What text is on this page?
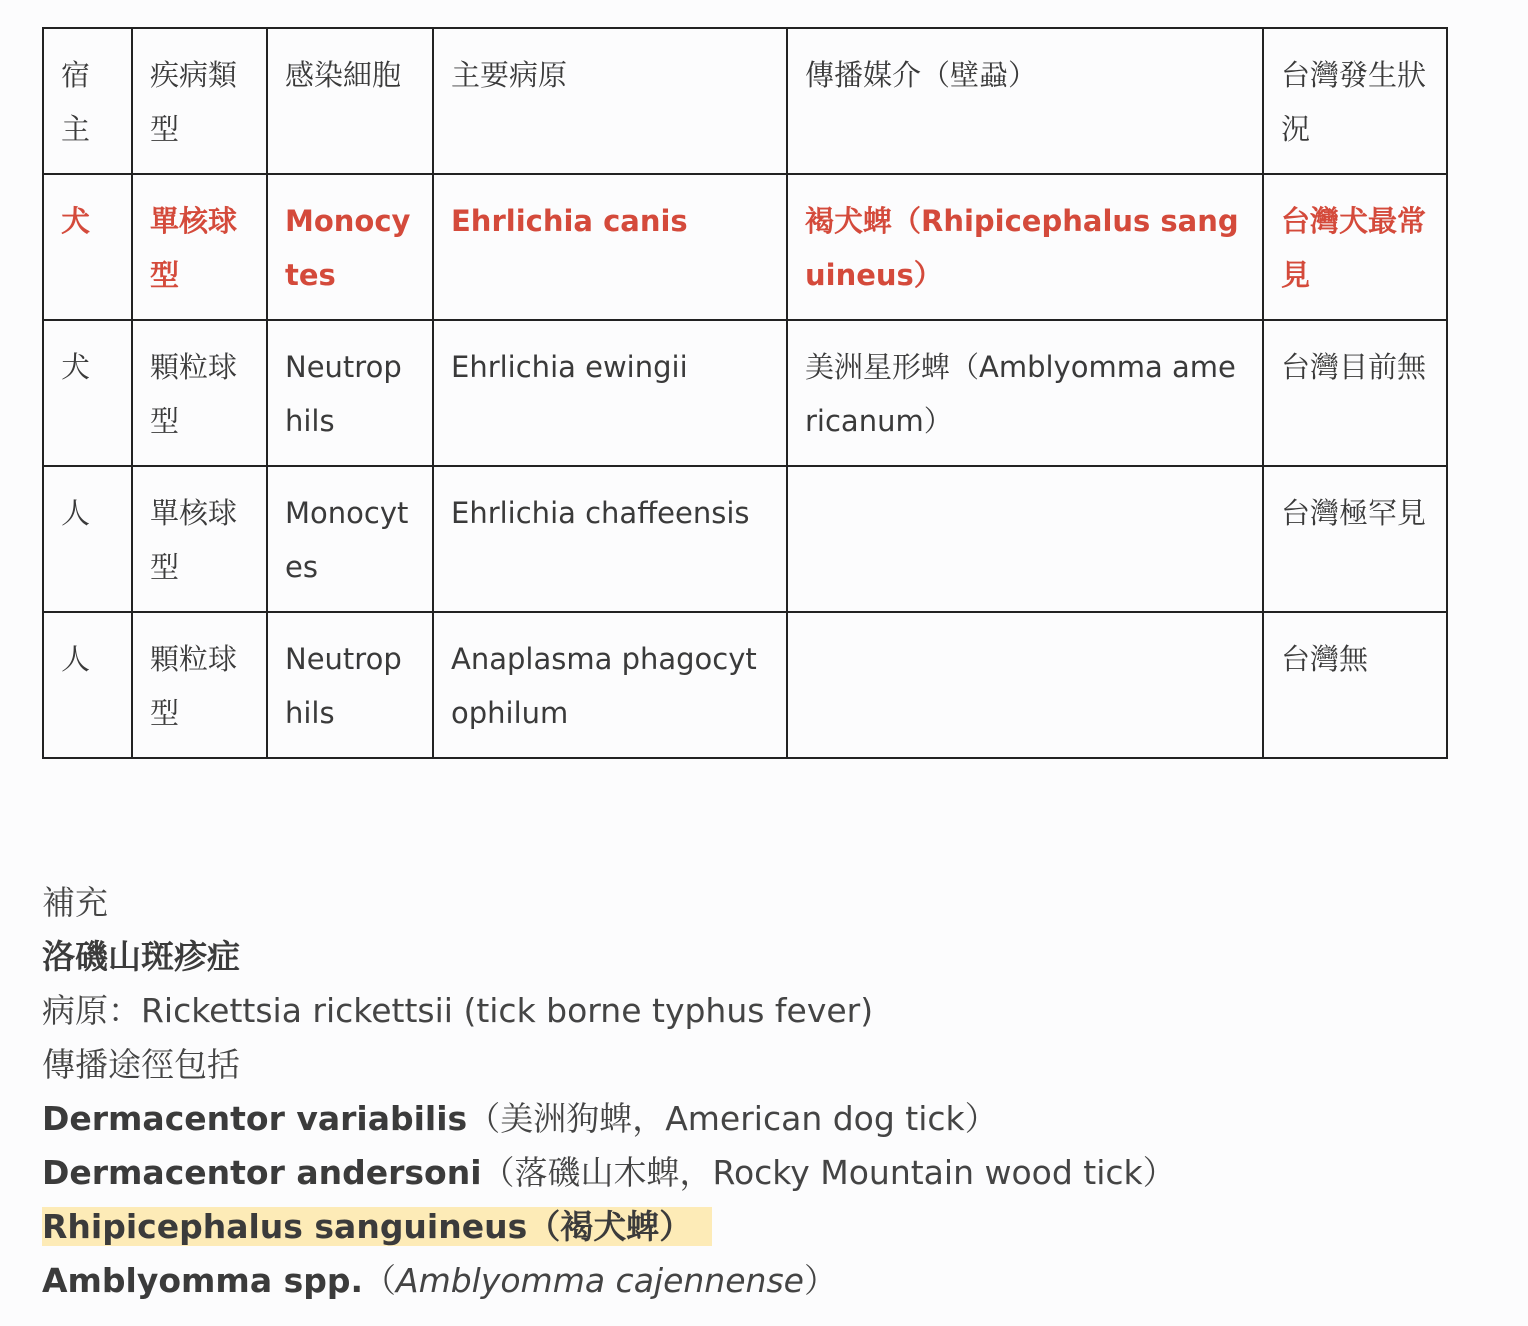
宿主	疾病類型	感染細胞	主要病原	傳播媒介（壁蝨）	台灣發生狀況
犬	單核球型	Monocytes	Ehrlichia canis	褐犬蜱（Rhipicephalus sanguineus）	台灣犬最常見
犬	顆粒球型	Neutrophils	Ehrlichia ewingii	美洲星形蜱（Amblyomma americanum）	台灣目前無
人	單核球型	Monocytes	Ehrlichia chaffeensis		台灣極罕見
人	顆粒球型	Neutrophils	Anaplasma phagocytophilum		台灣無
補充
洛磯山斑疹症
病原：Rickettsia rickettsii (tick borne typhus fever)
傳播途徑包括
Dermacentor variabilis（美洲狗蜱，American dog tick）
Dermacentor andersoni（落磯山木蜱，Rocky Mountain wood tick）
Rhipicephalus sanguineus（褐犬蜱）
Amblyomma spp.（Amblyomma cajennense）
